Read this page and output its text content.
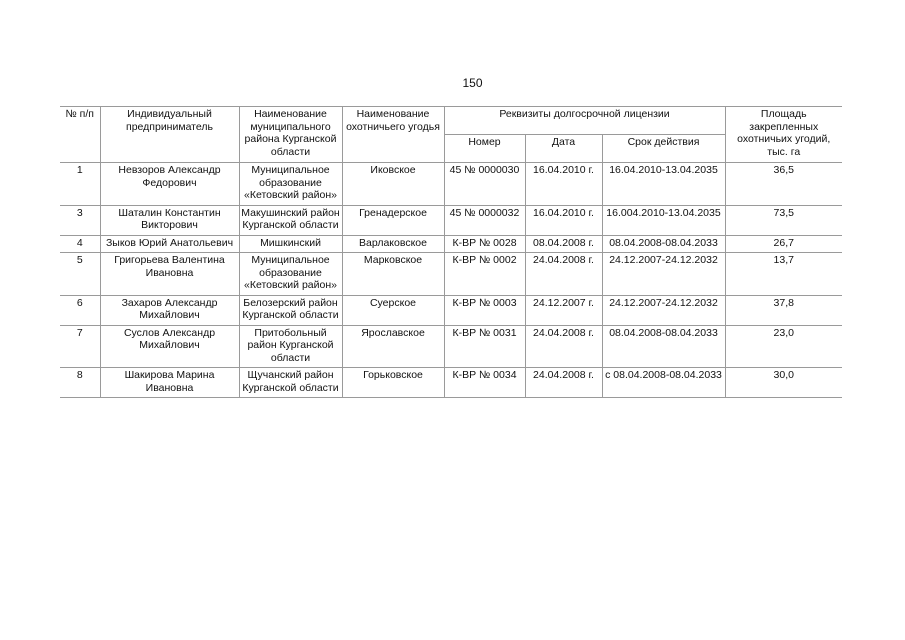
150
№ п/п	Индивидуальный предприниматель	Наименование муниципального района Курганской области	Наименование охотничьего угодья	Реквизиты долгосрочной лицензии			Площадь закрепленных охотничьих угодий, тыс. га
				Номер	Дата	Срок действия	
1	Невзоров Александр Федорович	Муниципальное образование «Кетовский район»	Иковское	45 № 0000030	16.04.2010 г.	16.04.2010-13.04.2035	36,5
3	Шаталин Константин Викторович	Макушинский район Курганской области	Гренадерское	45 № 0000032	16.04.2010 г.	16.004.2010-13.04.2035	73,5
4	Зыков Юрий Анатольевич	Мишкинский	Варлаковское	К-ВР № 0028	08.04.2008 г.	08.04.2008-08.04.2033	26,7
5	Григорьева Валентина Ивановна	Муниципальное образование «Кетовский район»	Марковское	К-ВР № 0002	24.04.2008 г.	24.12.2007-24.12.2032	13,7
6	Захаров Александр Михайлович	Белозерский район Курганской области	Суерское	К-ВР № 0003	24.12.2007 г.	24.12.2007-24.12.2032	37,8
7	Суслов Александр Михайлович	Притобольный район Курганской области	Ярославское	К-ВР № 0031	24.04.2008 г.	08.04.2008-08.04.2033	23,0
8	Шакирова Марина Ивановна	Щучанский район Курганской области	Горьковское	К-ВР № 0034	24.04.2008 г.	с 08.04.2008-08.04.2033	30,0
